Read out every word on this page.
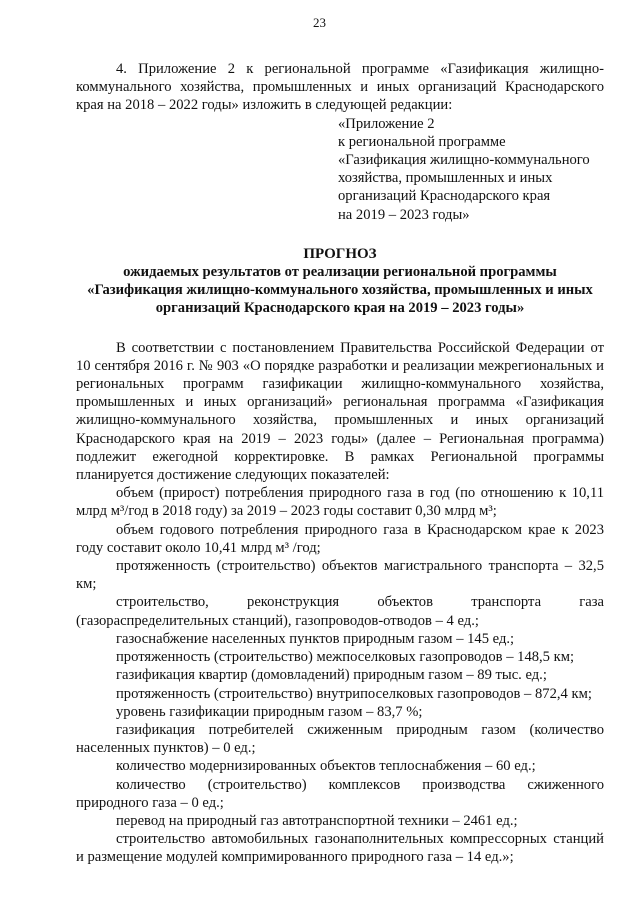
23

4. Приложение 2 к региональной программе «Газификация жилищно-коммунального хозяйства, промышленных и иных организаций Краснодарского края на 2018 – 2022 годы» изложить в следующей редакции:

«Приложение 2
к региональной программе
«Газификация жилищно-коммунального
хозяйства, промышленных и иных
организаций Краснодарского края
на 2019 – 2023 годы»

ПРОГНОЗ

ожидаемых результатов от реализации региональной программы

«Газификация жилищно-коммунального хозяйства, промышленных и иных

организаций Краснодарского края на 2019 – 2023 годы»

В соответствии с постановлением Правительства Российской Федерации от 10 сентября 2016 г. № 903 «О порядке разработки и реализации межрегиональных и региональных программ газификации жилищно-коммунального хозяйства, промышленных и иных организаций» региональная программа «Газификация жилищно-коммунального хозяйства, промышленных и иных организаций Краснодарского края на 2019 – 2023 годы» (далее – Региональная программа) подлежит ежегодной корректировке. В рамках Региональной программы планируется достижение следующих показателей:

объем (прирост) потребления природного газа в год (по отношению к 10,11 млрд м³/год в 2018 году) за 2019 – 2023 годы составит 0,30 млрд м³;

объем годового потребления природного газа в Краснодарском крае к 2023 году составит около 10,41 млрд м³ /год;

протяженность (строительство) объектов магистрального транспорта – 32,5 км;

строительство, реконструкция объектов транспорта газа (газораспределительных станций), газопроводов-отводов – 4 ед.;

газоснабжение населенных пунктов природным газом – 145 ед.;

протяженность (строительство) межпоселковых газопроводов – 148,5 км;

газификация квартир (домовладений) природным газом – 89 тыс. ед.;

протяженность (строительство) внутрипоселковых газопроводов – 872,4 км;

уровень газификации природным газом – 83,7 %;

газификация потребителей сжиженным природным газом (количество населенных пунктов) – 0 ед.;

количество модернизированных объектов теплоснабжения – 60 ед.;

количество (строительство) комплексов производства сжиженного природного газа – 0 ед.;

перевод на природный газ автотранспортной техники – 2461 ед.;

строительство автомобильных газонаполнительных компрессорных станций и размещение модулей компримированного природного газа – 14 ед.»;
